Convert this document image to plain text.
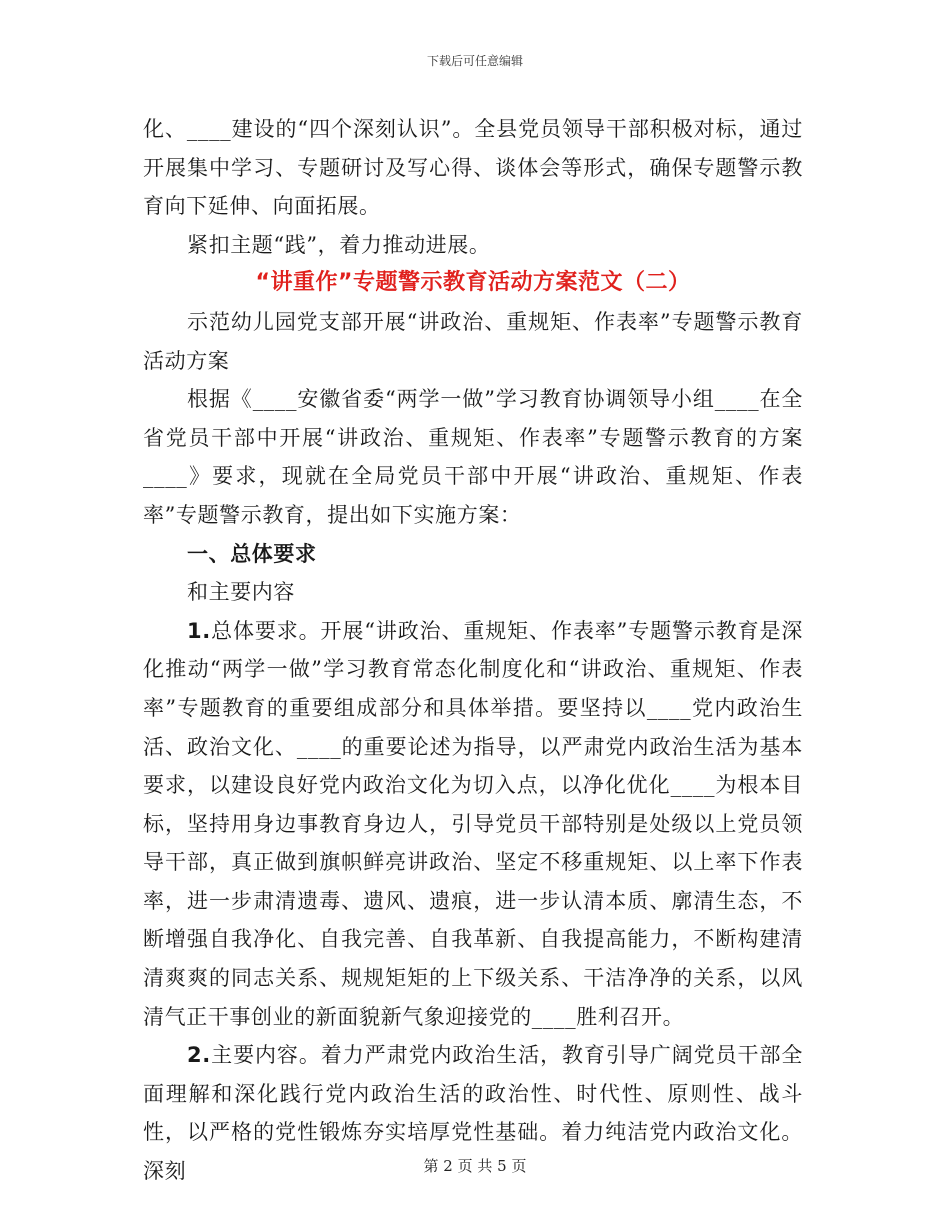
下载后可任意编辑

化、____建设的“四个深刻认识”。全县党员领导干部积极对标，通过开展集中学习、专题研讨及写心得、谈体会等形式，确保专题警示教育向下延伸、向面拓展。

紧扣主题“践”，着力推动进展。

“讲重作”专题警示教育活动方案范文（二）

示范幼儿园党支部开展“讲政治、重规矩、作表率”专题警示教育活动方案

根据《____安徽省委“两学一做”学习教育协调领导小组____在全省党员干部中开展“讲政治、重规矩、作表率”专题警示教育的方案____》要求，现就在全局党员干部中开展“讲政治、重规矩、作表率”专题警示教育，提出如下实施方案：

一、总体要求

和主要内容

1.总体要求。开展“讲政治、重规矩、作表率”专题警示教育是深化推动“两学一做”学习教育常态化制度化和“讲政治、重规矩、作表率”专题教育的重要组成部分和具体举措。要坚持以____党内政治生活、政治文化、____的重要论述为指导，以严肃党内政治生活为基本要求，以建设良好党内政治文化为切入点，以净化优化____为根本目标，坚持用身边事教育身边人，引导党员干部特别是处级以上党员领导干部，真正做到旗帜鲜亮讲政治、坚定不移重规矩、以上率下作表率，进一步肃清遗毒、遗风、遗痕，进一步认清本质、廓清生态，不断增强自我净化、自我完善、自我革新、自我提高能力，不断构建清清爽爽的同志关系、规规矩矩的上下级关系、干洁净净的关系，以风清气正干事创业的新面貌新气象迎接党的____胜利召开。

2.主要内容。着力严肃党内政治生活，教育引导广阔党员干部全面理解和深化践行党内政治生活的政治性、时代性、原则性、战斗性，以严格的党性锻炼夯实培厚党性基础。着力纯洁党内政治文化。深刻	第 2 页 共 5 页
